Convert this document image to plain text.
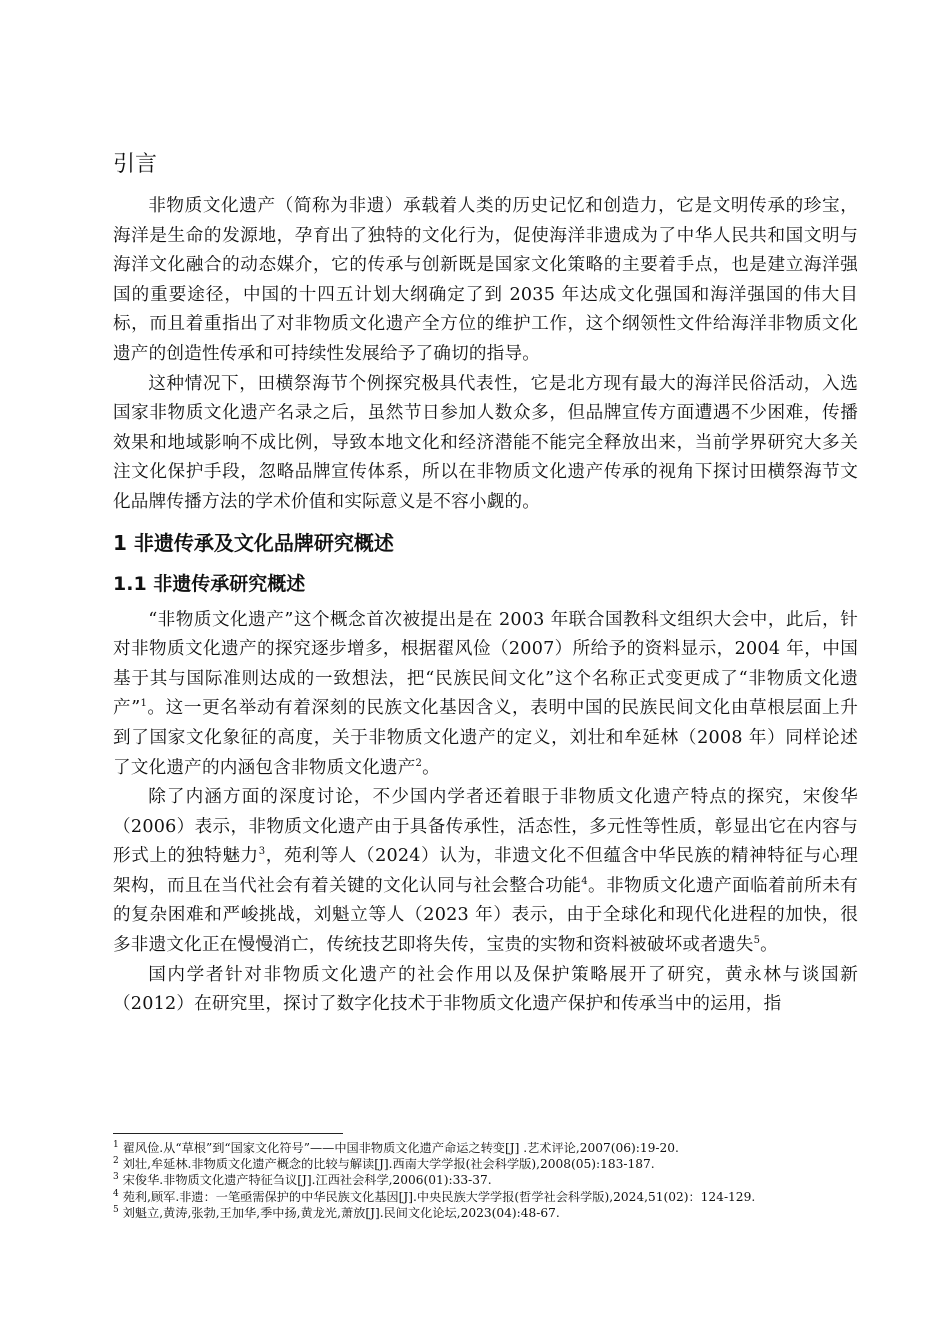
引言

非物质文化遗产（简称为非遗）承载着人类的历史记忆和创造力，它是文明传承的珍宝，海洋是生命的发源地，孕育出了独特的文化行为，促使海洋非遗成为了中华人民共和国文明与海洋文化融合的动态媒介，它的传承与创新既是国家文化策略的主要着手点，也是建立海洋强国的重要途径，中国的十四五计划大纲确定了到 2035 年达成文化强国和海洋强国的伟大目标，而且着重指出了对非物质文化遗产全方位的维护工作，这个纲领性文件给海洋非物质文化遗产的创造性传承和可持续性发展给予了确切的指导。

这种情况下，田横祭海节个例探究极具代表性，它是北方现有最大的海洋民俗活动，入选国家非物质文化遗产名录之后，虽然节日参加人数众多，但品牌宣传方面遭遇不少困难，传播效果和地域影响不成比例，导致本地文化和经济潜能不能完全释放出来，当前学界研究大多关注文化保护手段，忽略品牌宣传体系，所以在非物质文化遗产传承的视角下探讨田横祭海节文化品牌传播方法的学术价值和实际意义是不容小觑的。

1 非遗传承及文化品牌研究概述
1.1 非遗传承研究概述

“非物质文化遗产”这个概念首次被提出是在 2003 年联合国教科文组织大会中，此后，针对非物质文化遗产的探究逐步增多，根据翟风俭（2007）所给予的资料显示，2004 年，中国基于其与国际准则达成的一致想法，把“民族民间文化”这个名称正式变更成了“非物质文化遗产”$^1$。这一更名举动有着深刻的民族文化基因含义，表明中国的民族民间文化由草根层面上升到了国家文化象征的高度，关于非物质文化遗产的定义，刘壮和牟延林（2008 年）同样论述了文化遗产的内涵包含非物质文化遗产$^2$。

除了内涵方面的深度讨论，不少国内学者还着眼于非物质文化遗产特点的探究，宋俊华（2006）表示，非物质文化遗产由于具备传承性，活态性，多元性等性质，彰显出它在内容与形式上的独特魅力$^3$，苑利等人（2024）认为，非遗文化不但蕴含中华民族的精神特征与心理架构，而且在当代社会有着关键的文化认同与社会整合功能$^4$。非物质文化遗产面临着前所未有的复杂困难和严峻挑战，刘魁立等人（2023 年）表示，由于全球化和现代化进程的加快，很多非遗文化正在慢慢消亡，传统技艺即将失传，宝贵的实物和资料被破坏或者遗失$^5$。

国内学者针对非物质文化遗产的社会作用以及保护策略展开了研究，黄永林与谈国新（2012）在研究里，探讨了数字化技术于非物质文化遗产保护和传承当中的运用，指

$^1$ 翟风俭.从“草根”到“国家文化符号”——中国非物质文化遗产命运之转变[J] .艺术评论,2007(06):19-20.
$^2$ 刘壮,牟延林.非物质文化遗产概念的比较与解读[J].西南大学学报(社会科学版),2008(05):183-187.
$^3$ 宋俊华.非物质文化遗产特征刍议[J].江西社会科学,2006(01):33-37.
$^4$ 苑利,顾军.非遗：一笔亟需保护的中华民族文化基因[J].中央民族大学学报(哲学社会科学版),2024,51(02)：124-129.
$^5$ 刘魁立,黄涛,张勃,王加华,季中扬,黄龙光,萧放[J].民间文化论坛,2023(04):48-67.
